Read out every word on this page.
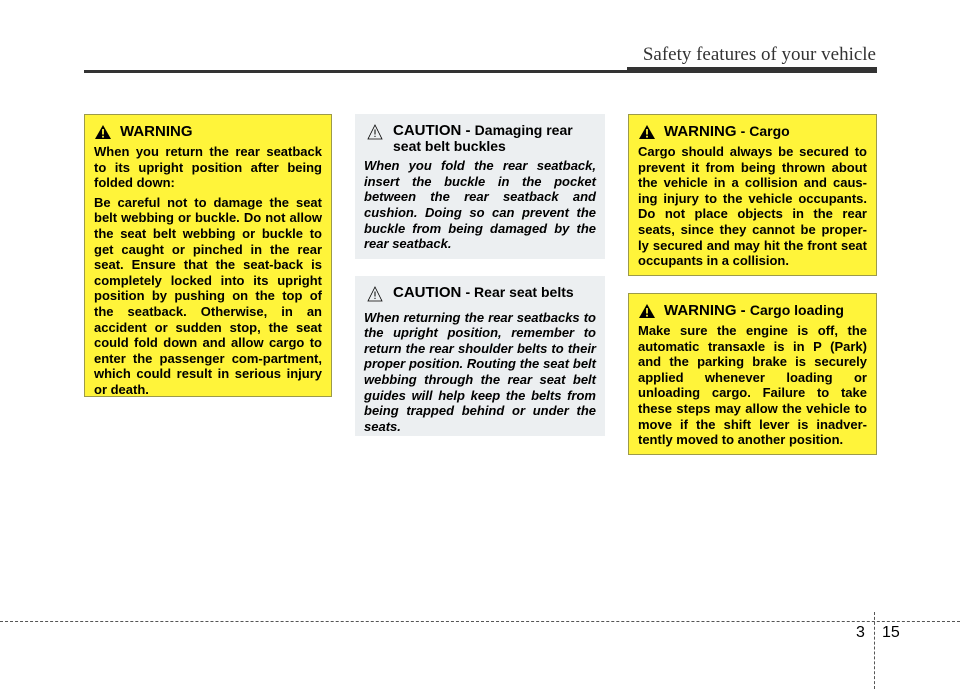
Safety features of your vehicle
WARNING

When you return the rear seatback to its upright position after being folded down:

Be careful not to damage the seat belt webbing or buckle. Do not allow the seat belt webbing or buckle to get caught or pinched in the rear seat. Ensure that the seat-back is completely locked into its upright position by pushing on the top of the seatback. Otherwise, in an accident or sudden stop, the seat could fold down and allow cargo to enter the passenger com-partment, which could result in serious injury or death.

CAUTION - Damaging rear seat belt buckles

When you fold the rear seatback, insert the buckle in the pocket between the rear seatback and cushion. Doing so can prevent the buckle from being damaged by the rear seatback.

CAUTION - Rear seat belts

When returning the rear seatbacks to the upright position, remember to return the rear shoulder belts to their proper position. Routing the seat belt webbing through the rear seat belt guides will help keep the belts from being trapped behind or under the seats.

WARNING - Cargo

Cargo should always be secured to prevent it from being thrown about the vehicle in a collision and caus-ing injury to the vehicle occupants. Do not place objects in the rear seats, since they cannot be proper-ly secured and may hit the front seat occupants in a collision.

WARNING - Cargo loading

Make sure the engine is off, the automatic transaxle is in P (Park) and the parking brake is securely applied whenever loading or unloading cargo. Failure to take these steps may allow the vehicle to move if the shift lever is inadver-tently moved to another position.

3 15
